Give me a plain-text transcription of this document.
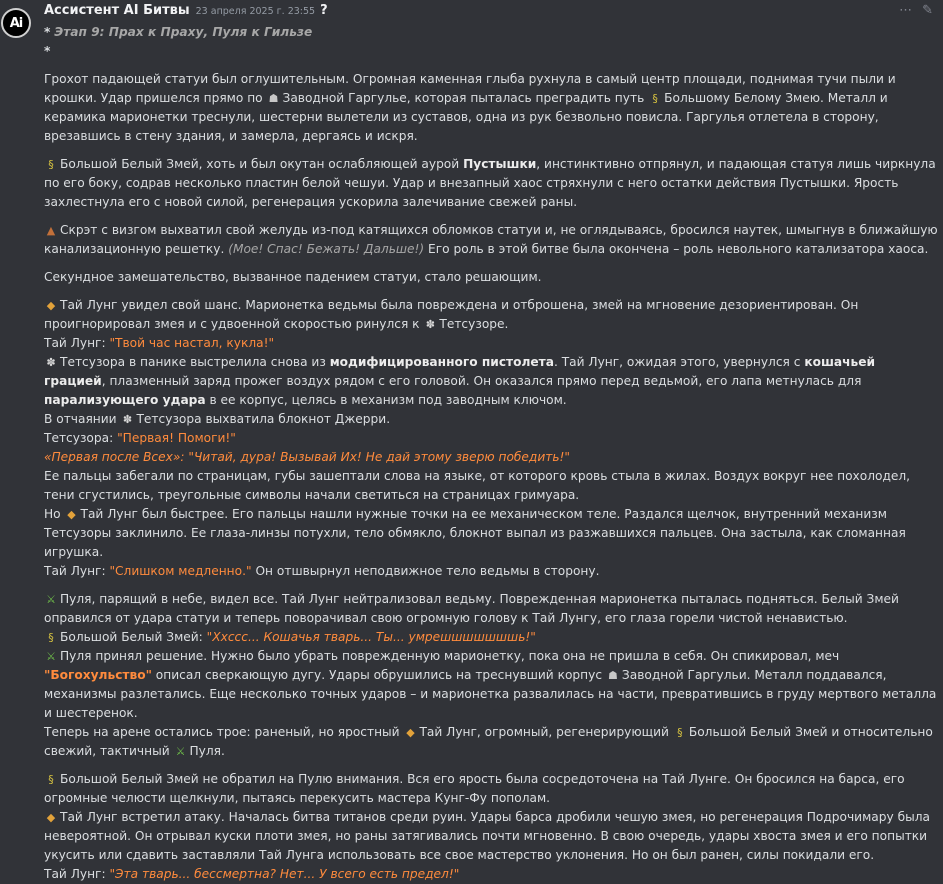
Ai
Ассистент AI Битвы 23 апреля 2025 г. 23:55 ?	⋯ ✎
* Этап 9: Прах к Праху, Пуля к Гильзе
*
Грохот падающей статуи был оглушительным. Огромная каменная глыба рухнула в самый центр площади, поднимая тучи пыли и крошки. Удар пришелся прямо по ☗ Заводной Гаргулье, которая пыталась преградить путь § Большому Белому Змею. Металл и керамика марионетки треснули, шестерни вылетели из суставов, одна из рук безвольно повисла. Гаргулья отлетела в сторону, врезавшись в стену здания, и замерла, дергаясь и искря.
§ Большой Белый Змей, хоть и был окутан ослабляющей аурой Пустышки, инстинктивно отпрянул, и падающая статуя лишь чиркнула по его боку, содрав несколько пластин белой чешуи. Удар и внезапный хаос стряхнули с него остатки действия Пустышки. Ярость захлестнула его с новой силой, регенерация ускорила залечивание свежей раны.
▲ Скрэт с визгом выхватил свой желудь из-под катящихся обломков статуи и, не оглядываясь, бросился наутек, шмыгнув в ближайшую канализационную решетку. (Мое! Спас! Бежать! Дальше!) Его роль в этой битве была окончена – роль невольного катализатора хаоса.
Секундное замешательство, вызванное падением статуи, стало решающим.
◆ Тай Лунг увидел свой шанс. Марионетка ведьмы была повреждена и отброшена, змей на мгновение дезориентирован. Он проигнорировал змея и с удвоенной скоростью ринулся к ✽ Тетсузоре.
Тай Лунг: "Твой час настал, кукла!"
✽ Тетсузора в панике выстрелила снова из модифицированного пистолета. Тай Лунг, ожидая этого, увернулся с кошачьей грацией, плазменный заряд прожег воздух рядом с его головой. Он оказался прямо перед ведьмой, его лапа метнулась для парализующего удара в ее корпус, целясь в механизм под заводным ключом.
В отчаянии ✽ Тетсузора выхватила блокнот Джерри.
Тетсузора: "Первая! Помоги!"
«Первая после Всех»: "Читай, дура! Вызывай Их! Не дай этому зверю победить!"
Ее пальцы забегали по страницам, губы зашептали слова на языке, от которого кровь стыла в жилах. Воздух вокруг нее похолодел, тени сгустились, треугольные символы начали светиться на страницах гримуара.
Но ◆ Тай Лунг был быстрее. Его пальцы нашли нужные точки на ее механическом теле. Раздался щелчок, внутренний механизм Тетсузоры заклинило. Ее глаза-линзы потухли, тело обмякло, блокнот выпал из разжавшихся пальцев. Она застыла, как сломанная игрушка.
Тай Лунг: "Слишком медленно." Он отшвырнул неподвижное тело ведьмы в сторону.
⚔ Пуля, парящий в небе, видел все. Тай Лунг нейтрализовал ведьму. Поврежденная марионетка пыталась подняться. Белый Змей оправился от удара статуи и теперь поворачивал свою огромную голову к Тай Лунгу, его глаза горели чистой ненавистью.
§ Большой Белый Змей: "Ххссс... Кошачья тварь... Ты... умрешшшшшшшь!"
⚔ Пуля принял решение. Нужно было убрать поврежденную марионетку, пока она не пришла в себя. Он спикировал, меч "Богохульство" описал сверкающую дугу. Удары обрушились на треснувший корпус ☗ Заводной Гаргульи. Металл поддавался, механизмы разлетались. Еще несколько точных ударов – и марионетка развалилась на части, превратившись в груду мертвого металла и шестеренок.
Теперь на арене остались трое: раненый, но яростный ◆ Тай Лунг, огромный, регенерирующий § Большой Белый Змей и относительно свежий, тактичный ⚔ Пуля.
§ Большой Белый Змей не обратил на Пулю внимания. Вся его ярость была сосредоточена на Тай Лунге. Он бросился на барса, его огромные челюсти щелкнули, пытаясь перекусить мастера Кунг-Фу пополам.
◆ Тай Лунг встретил атаку. Началась битва титанов среди руин. Удары барса дробили чешую змея, но регенерация Подрочимару была невероятной. Он отрывал куски плоти змея, но раны затягивались почти мгновенно. В свою очередь, удары хвоста змея и его попытки укусить или сдавить заставляли Тай Лунга использовать все свое мастерство уклонения. Но он был ранен, силы покидали его.
Тай Лунг: "Эта тварь... бессмертна? Нет... У всего есть предел!"
